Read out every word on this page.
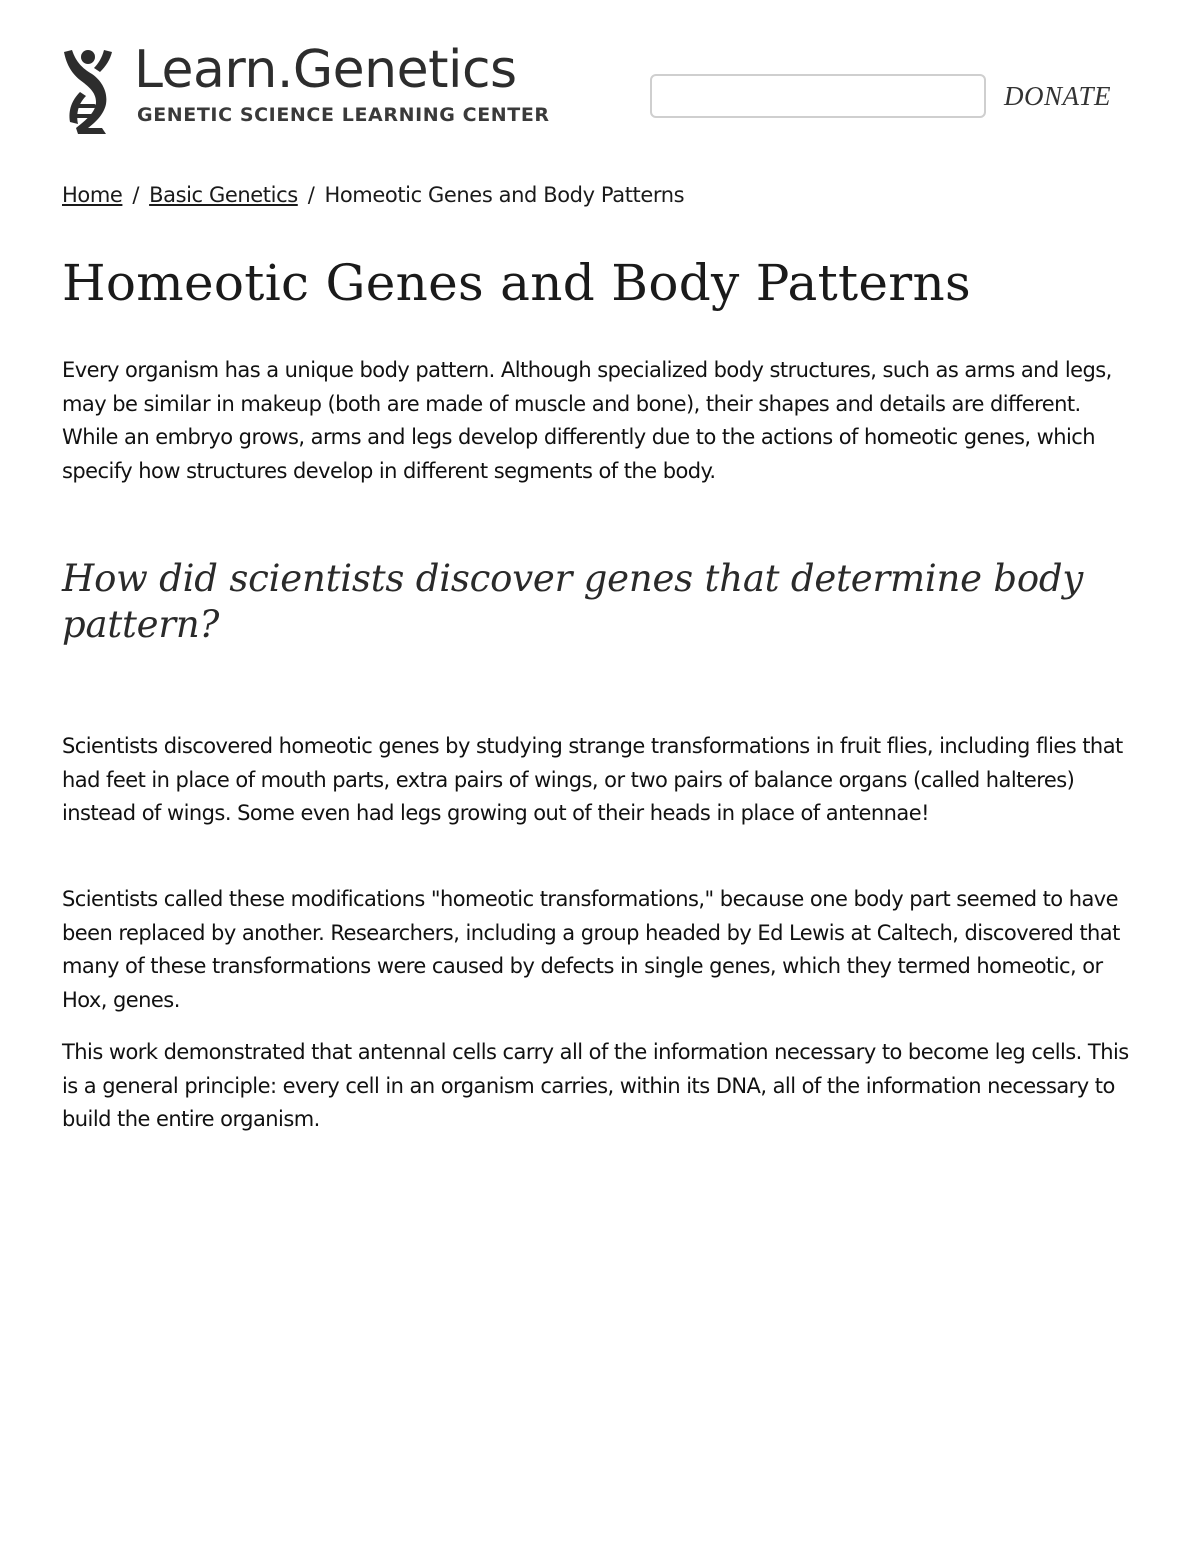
Learn.Genetics
GENETIC SCIENCE LEARNING CENTER
DONATE
Home / Basic Genetics / Homeotic Genes and Body Patterns
Homeotic Genes and Body Patterns

Every organism has a unique body pattern. Although specialized body structures, such as arms and legs, may be similar in makeup (both are made of muscle and bone), their shapes and details are different. While an embryo grows, arms and legs develop differently due to the actions of homeotic genes, which specify how structures develop in different segments of the body.

How did scientists discover genes that determine body pattern?

Scientists discovered homeotic genes by studying strange transformations in fruit flies, including flies that had feet in place of mouth parts, extra pairs of wings, or two pairs of balance organs (called halteres) instead of wings. Some even had legs growing out of their heads in place of antennae!

Scientists called these modifications "homeotic transformations," because one body part seemed to have been replaced by another. Researchers, including a group headed by Ed Lewis at Caltech, discovered that many of these transformations were caused by defects in single genes, which they termed homeotic, or Hox, genes.

This work demonstrated that antennal cells carry all of the information necessary to become leg cells. This is a general principle: every cell in an organism carries, within its DNA, all of the information necessary to build the entire organism.
